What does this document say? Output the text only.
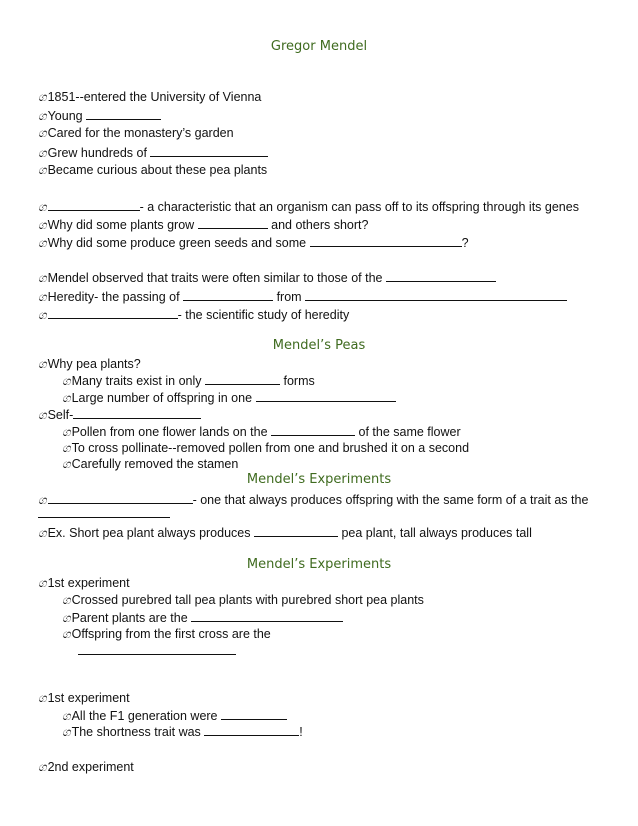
Gregor Mendel
ග1851--entered the University of Vienna
ගYoung
ගCared for the monastery’s garden
ගGrew hundreds of
ගBecame curious about these pea plants
ග	- a characteristic that an organism can pass off to its offspring through its genes
ගWhy did some plants grow	and others short?
ගWhy did some produce green seeds and some	?
ගMendel observed that traits were often similar to those of the
ගHeredity- the passing of	from
ග	- the scientific study of heredity
Mendel’s Peas
ගWhy pea plants?
ගMany traits exist in only	forms
ගLarge number of offspring in one
ගSelf-
ගPollen from one flower lands on the	of the same flower
ගTo cross pollinate--removed pollen from one and brushed it on a second
ගCarefully removed the stamen
Mendel’s Experiments
ග	- one that always produces offspring with the same form of a trait as the
ගEx. Short pea plant always produces	pea plant, tall always produces tall
Mendel’s Experiments
ග1st experiment
ගCrossed purebred tall pea plants with purebred short pea plants
ගParent plants are the
ගOffspring from the first cross are the
ග1st experiment
ගAll the F1 generation were
ගThe shortness trait was	!
ග2nd experiment
